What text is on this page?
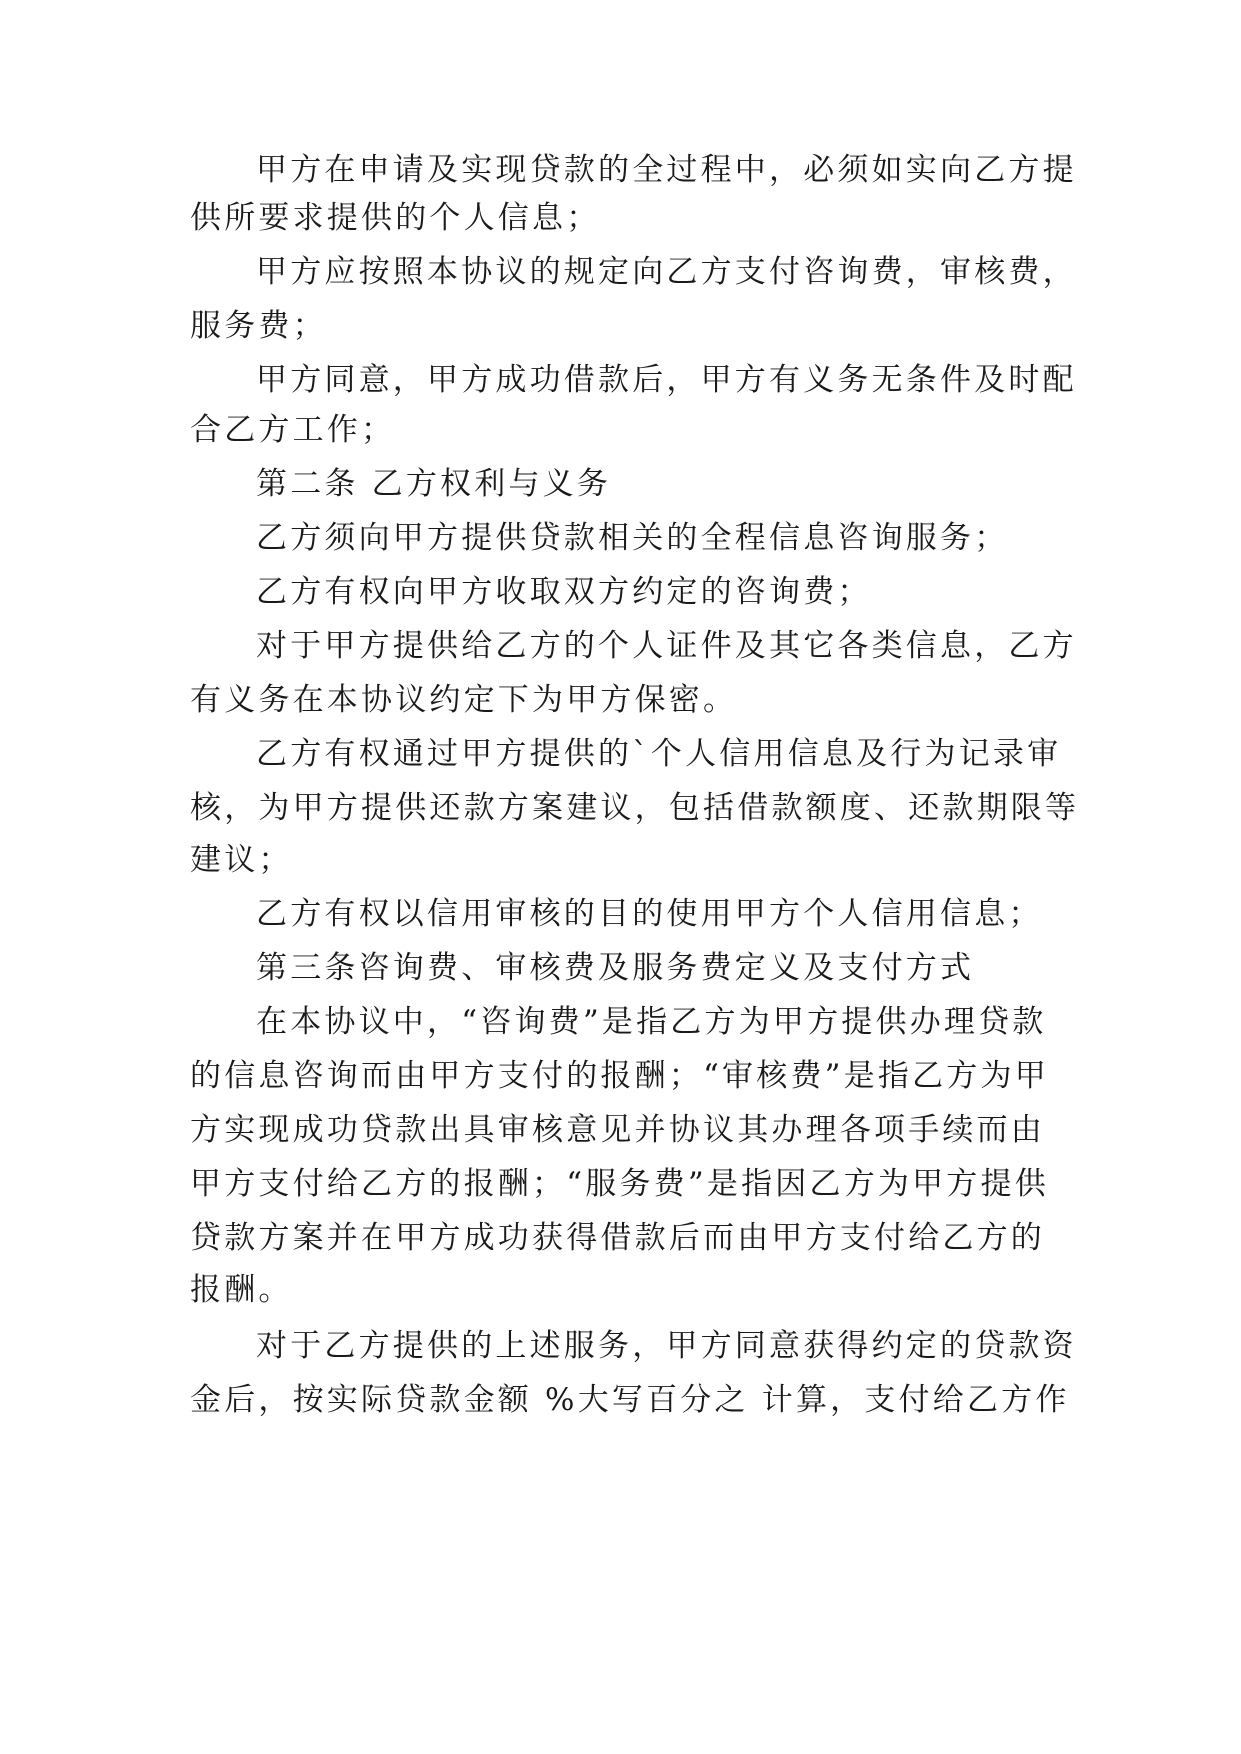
甲方在申请及实现贷款的全过程中，必须如实向乙方提
供所要求提供的个人信息；
甲方应按照本协议的规定向乙方支付咨询费，审核费，
服务费；
甲方同意，甲方成功借款后，甲方有义务无条件及时配
合乙方工作；
第二条 乙方权利与义务
乙方须向甲方提供贷款相关的全程信息咨询服务；
乙方有权向甲方收取双方约定的咨询费；
对于甲方提供给乙方的个人证件及其它各类信息，乙方
有义务在本协议约定下为甲方保密。
乙方有权通过甲方提供的`个人信用信息及行为记录审
核，为甲方提供还款方案建议，包括借款额度、还款期限等
建议；
乙方有权以信用审核的目的使用甲方个人信用信息；
第三条咨询费、审核费及服务费定义及支付方式
在本协议中，“咨询费”是指乙方为甲方提供办理贷款
的信息咨询而由甲方支付的报酬；“审核费”是指乙方为甲
方实现成功贷款出具审核意见并协议其办理各项手续而由
甲方支付给乙方的报酬；“服务费”是指因乙方为甲方提供
贷款方案并在甲方成功获得借款后而由甲方支付给乙方的
报酬。
对于乙方提供的上述服务，甲方同意获得约定的贷款资
金后，按实际贷款金额 %大写百分之 计算，支付给乙方作
